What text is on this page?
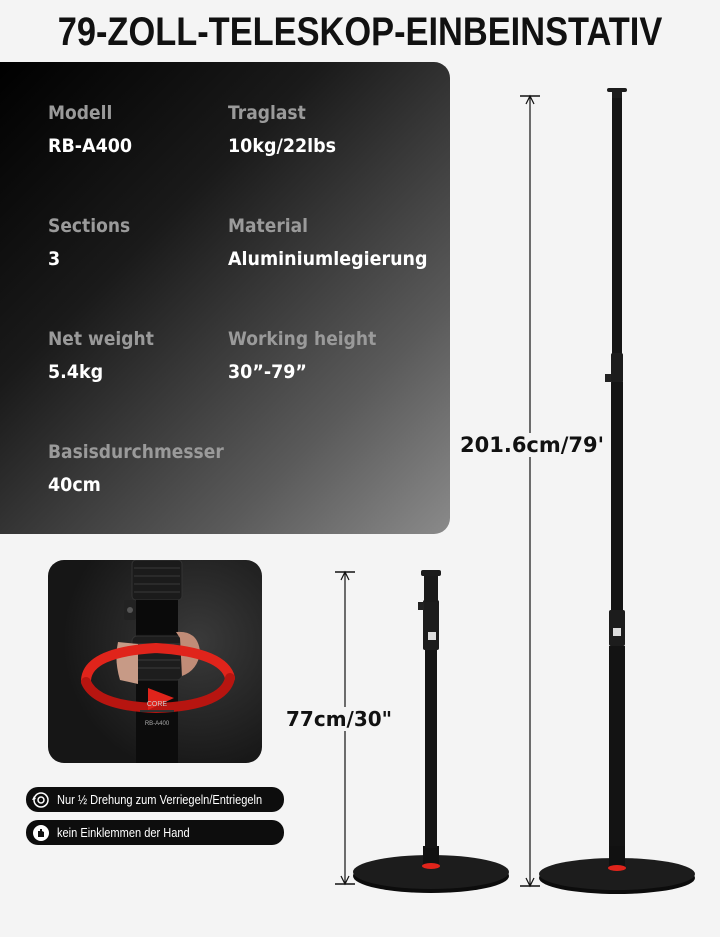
79-ZOLL-TELESKOP-EINBEINSTATIV
Modell
RB-A400
Traglast
10kg/22lbs
Sections
3
Material
Aluminiumlegierung
Net weight
5.4kg
Working height
30”-79”
Basisdurchmesser
40cm
CORE
RB-A400
Nur ½ Drehung zum Verriegeln/Entriegeln
kein Einklemmen der Hand
201.6cm/79'
77cm/30"
